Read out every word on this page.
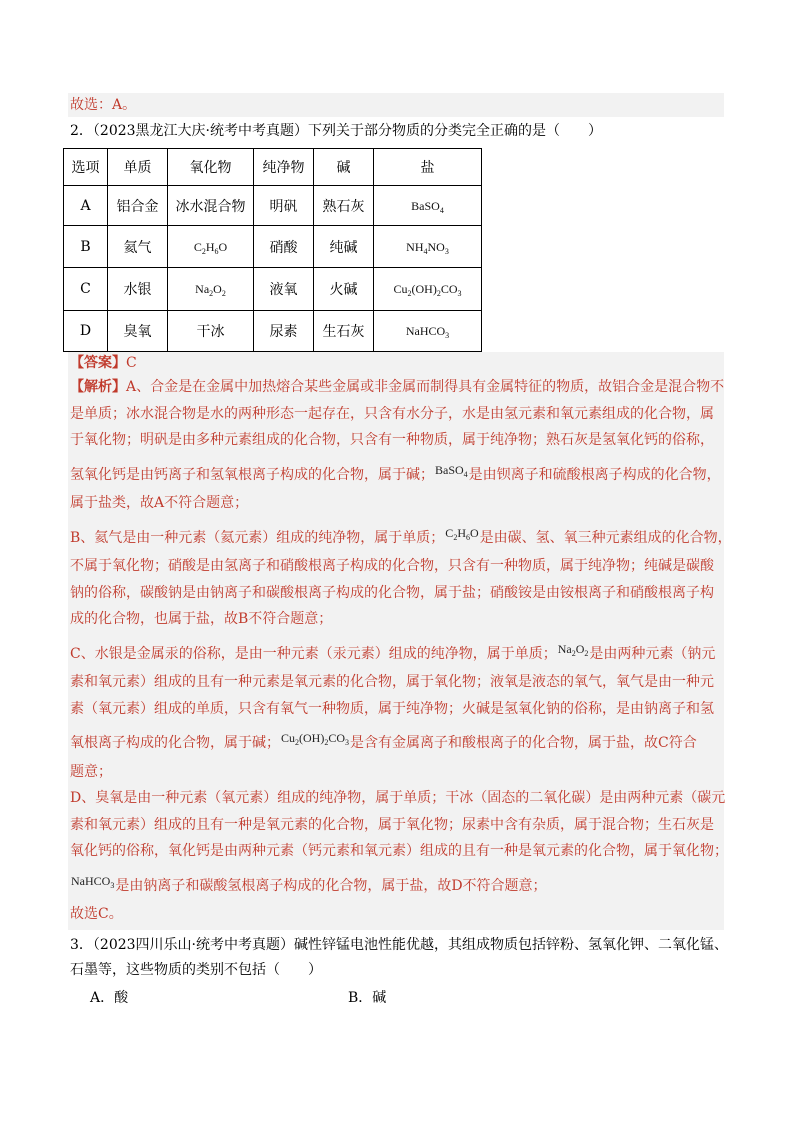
故选：A。
2．（2023黑龙江大庆·统考中考真题）下列关于部分物质的分类完全正确的是（　　）
选项	单质	氧化物	纯净物	碱	盐
A	铝合金	冰水混合物	明矾	熟石灰	BaSO$_4$
B	氦气	$C_2H_6O$	硝酸	纯碱	$NH_4NO_3$
C	水银	$Na_2O_2$	液氧	火碱	$Cu_2(OH)_2CO_3$
D	臭氧	干冰	尿素	生石灰	NaHCO$_3$
【答案】C
【解析】A、合金是在金属中加热熔合某些金属或非金属而制得具有金属特征的物质，故铝合金是混合物不
是单质；冰水混合物是水的两种形态一起存在，只含有水分子，水是由氢元素和氧元素组成的化合物，属
于氧化物；明矾是由多种元素组成的化合物，只含有一种物质，属于纯净物；熟石灰是氢氧化钙的俗称，
氢氧化钙是由钙离子和氢氧根离子构成的化合物，属于碱；BaSO$_4$是由钡离子和硫酸根离子构成的化合物，
属于盐类，故A不符合题意；
B、氦气是由一种元素（氦元素）组成的纯净物，属于单质；$C_2H_6O$是由碳、氢、氧三种元素组成的化合物，
不属于氧化物；硝酸是由氢离子和硝酸根离子构成的化合物，只含有一种物质，属于纯净物；纯碱是碳酸
钠的俗称，碳酸钠是由钠离子和碳酸根离子构成的化合物，属于盐；硝酸铵是由铵根离子和硝酸根离子构
成的化合物，也属于盐，故B不符合题意；
C、水银是金属汞的俗称，是由一种元素（汞元素）组成的纯净物，属于单质；$Na_2O_2$是由两种元素（钠元
素和氧元素）组成的且有一种元素是氧元素的化合物，属于氧化物；液氧是液态的氧气，氧气是由一种元
素（氧元素）组成的单质，只含有氧气一种物质，属于纯净物；火碱是氢氧化钠的俗称，是由钠离子和氢
氧根离子构成的化合物，属于碱；$Cu_2(OH)_2CO_3$是含有金属离子和酸根离子的化合物，属于盐，故C符合
题意；
D、臭氧是由一种元素（氧元素）组成的纯净物，属于单质；干冰（固态的二氧化碳）是由两种元素（碳元
素和氧元素）组成的且有一种是氧元素的化合物，属于氧化物；尿素中含有杂质，属于混合物；生石灰是
氧化钙的俗称，氧化钙是由两种元素（钙元素和氧元素）组成的且有一种是氧元素的化合物，属于氧化物；
NaHCO$_3$是由钠离子和碳酸氢根离子构成的化合物，属于盐，故D不符合题意；
故选C。
3．（2023四川乐山·统考中考真题）碱性锌锰电池性能优越，其组成物质包括锌粉、氢氧化钾、二氧化锰、
石墨等，这些物质的类别不包括（　　）
A．酸	B．碱
